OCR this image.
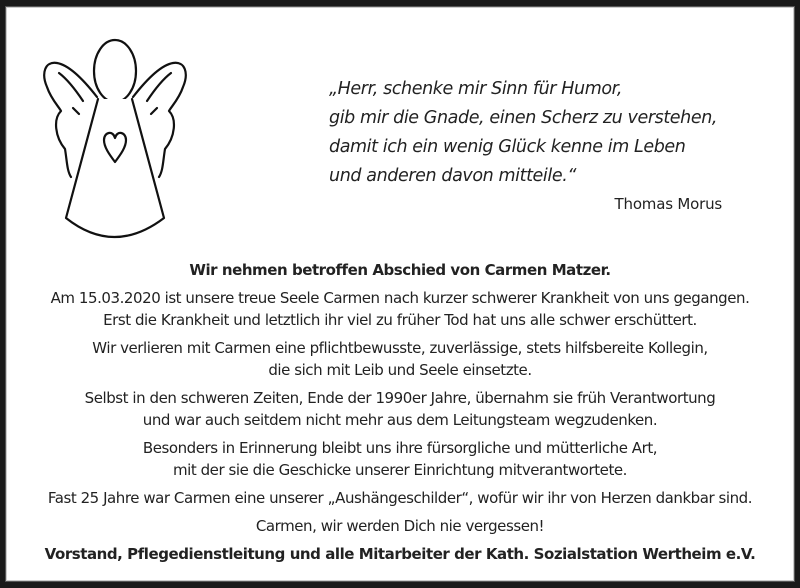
„Herr, schenke mir Sinn für Humor,
gib mir die Gnade, einen Scherz zu verstehen,
damit ich ein wenig Glück kenne im Leben
und anderen davon mitteile.“
Thomas Morus

Wir nehmen betroffen Abschied von Carmen Matzer.

Am 15.03.2020 ist unsere treue Seele Carmen nach kurzer schwerer Krankheit von uns gegangen.
Erst die Krankheit und letztlich ihr viel zu früher Tod hat uns alle schwer erschüttert.

Wir verlieren mit Carmen eine pflichtbewusste, zuverlässige, stets hilfsbereite Kollegin,
die sich mit Leib und Seele einsetzte.

Selbst in den schweren Zeiten, Ende der 1990er Jahre, übernahm sie früh Verantwortung
und war auch seitdem nicht mehr aus dem Leitungsteam wegzudenken.

Besonders in Erinnerung bleibt uns ihre fürsorgliche und mütterliche Art,
mit der sie die Geschicke unserer Einrichtung mitverantwortete.

Fast 25 Jahre war Carmen eine unserer „Aushängeschilder“, wofür wir ihr von Herzen dankbar sind.

Carmen, wir werden Dich nie vergessen!

Vorstand, Pflegedienstleitung und alle Mitarbeiter der Kath. Sozialstation Wertheim e.V.
